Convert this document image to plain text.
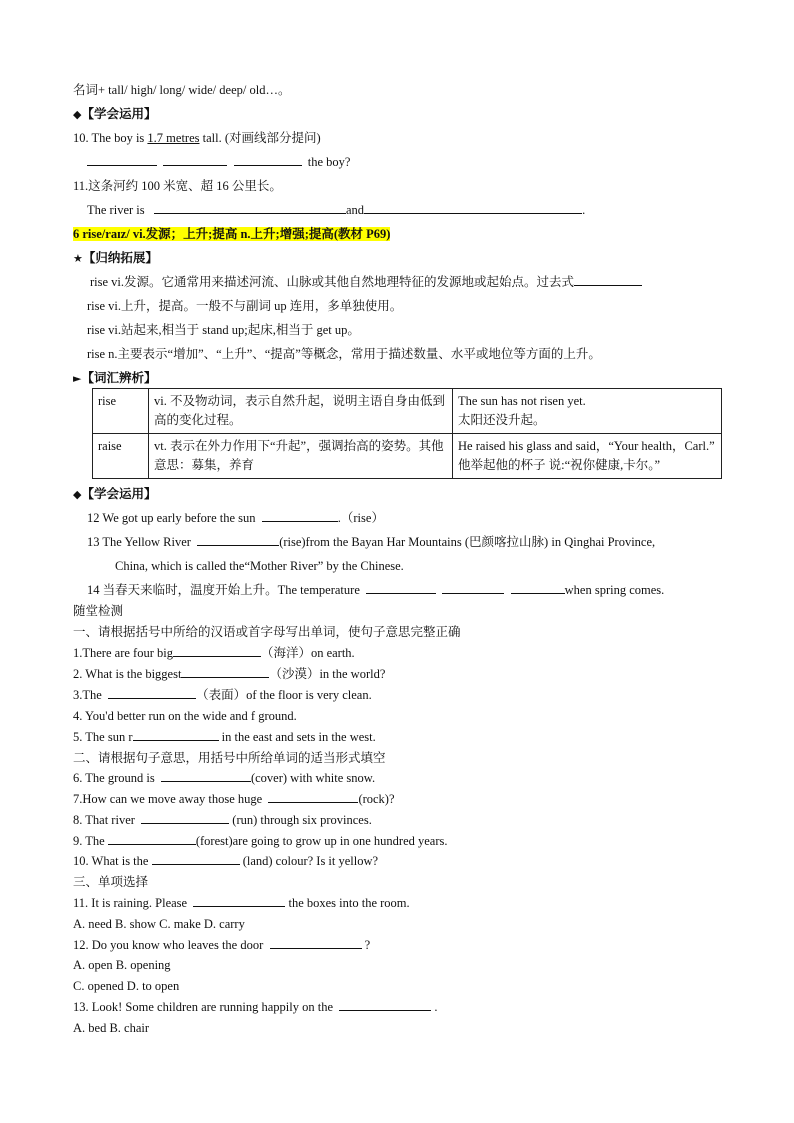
名词+ tall/ high/ long/ wide/ deep/ old…。
◆【学会运用】
10. The boy is 1.7 metres tall. (对画线部分提问)
the boy?
11.这条河约 100 米宽、超 16 公里长。
The river is	and	.
6 rise/raɪz/ vi.发源；上升;提高 n.上升;增强;提高(教材 P69)
★【归纳拓展】
rise vi.发源。它通常用来描述河流、山脉或其他自然地理特征的发源地或起始点。过去式
rise vi.上升，提高。一般不与副词 up 连用，多单独使用。
rise vi.站起来,相当于 stand up;起床,相当于 get up。
rise n.主要表示“增加”、“上升”、“提高”等概念，常用于描述数量、水平或地位等方面的上升。
►【词汇辨析】
rise	vi. 不及物动词，表示自然升起，说明主语自身由低到高的变化过程。	The sun has not risen yet.
太阳还没升起。

raise	vt. 表示在外力作用下“升起”，强调抬高的姿势。其他意思：募集，养育	He raised his glass and said，“Your health，Carl.”
他举起他的杯子 说:“祝你健康,卡尔。”
◆【学会运用】
12 We got up early before the sun	.（rise）
13 The Yellow River	(rise)from the Bayan Har Mountains (巴颜喀拉山脉) in Qinghai Province,
China, which is called the“Mother River” by the Chinese.
14 当春天来临时，温度开始上升。The temperature	when spring comes.
随堂检测
一、请根据括号中所给的汉语或首字母写出单词，使句子意思完整正确
1.There are four big	（海洋）on earth.
2. What is the biggest	（沙漠）in the world?
3.The	（表面）of the floor is very clean.
4. You'd better run on the wide and f ground.
5. The sun r	in the east and sets in the west.
二、请根据句子意思，用括号中所给单词的适当形式填空
6. The ground is	(cover) with white snow.
7.How can we move away those huge	(rock)?
8. That river	(run) through six provinces.
9. The	(forest)are going to grow up in one hundred years.
10. What is the	(land) colour? Is it yellow?
三、单项选择
11. It is raining. Please	the boxes into the room.
A. need B. show C. make D. carry
12. Do you know who leaves the door	?
A. open B. opening
C. opened D. to open
13. Look! Some children are running happily on the	.
A. bed B. chair
